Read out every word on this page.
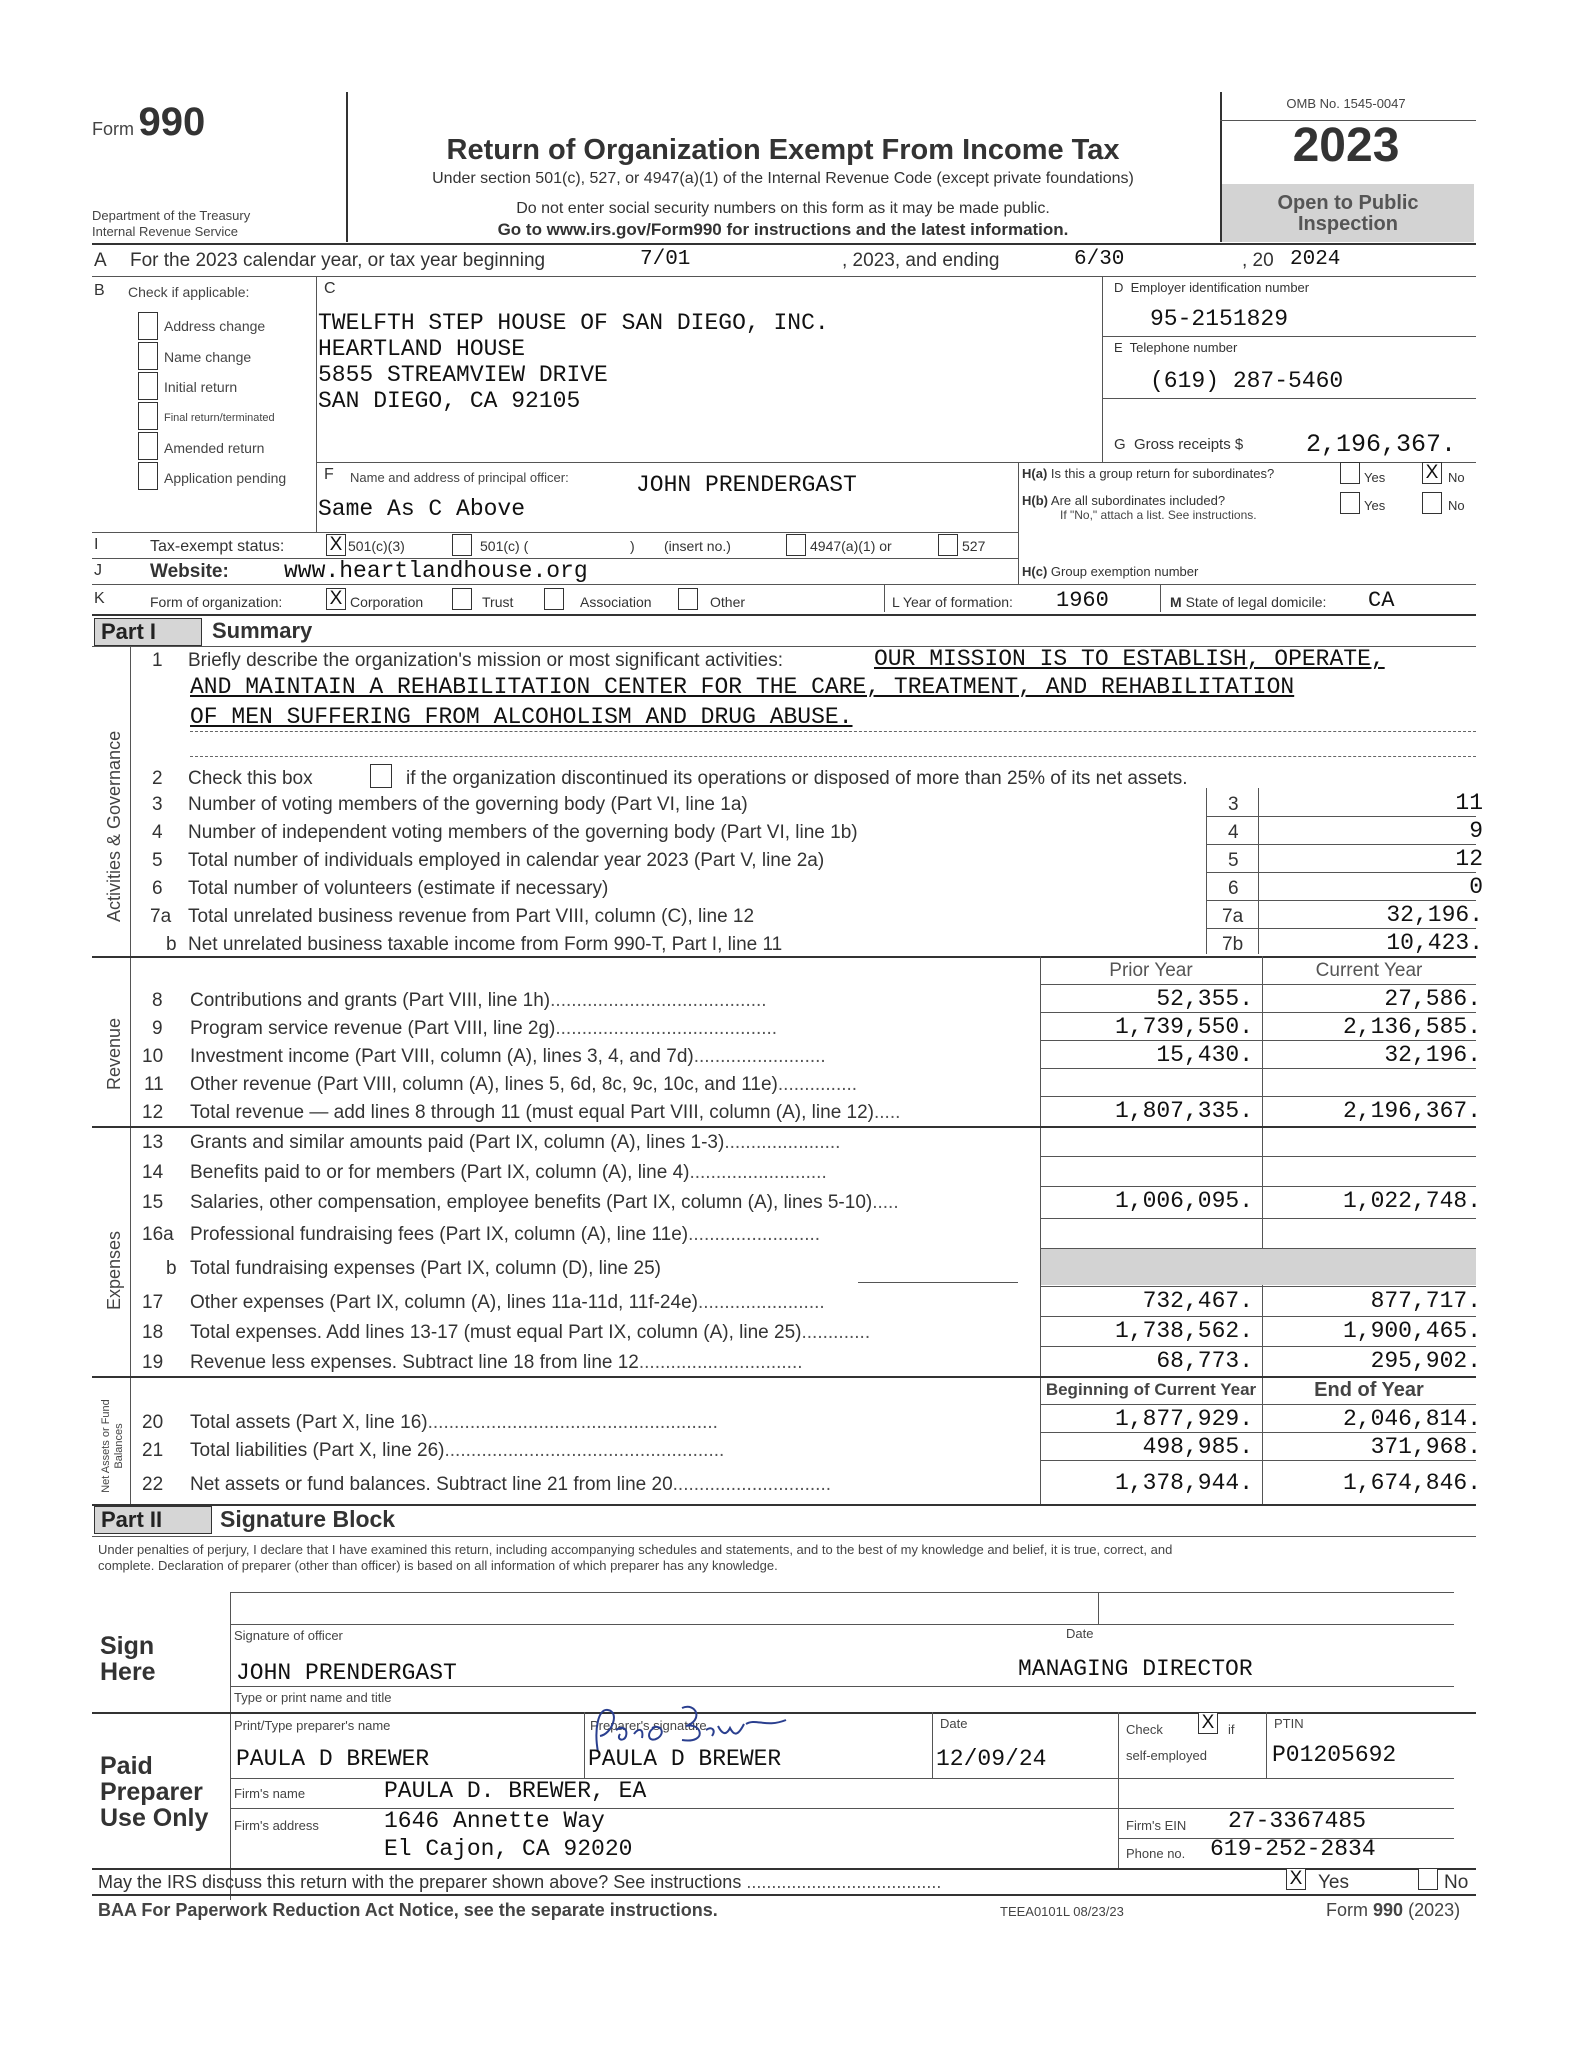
Form 990
Department of the Treasury
Internal Revenue Service
Return of Organization Exempt From Income Tax
Under section 501(c), 527, or 4947(a)(1) of the Internal Revenue Code (except private foundations)
Do not enter social security numbers on this form as it may be made public.
Go to www.irs.gov/Form990 for instructions and the latest information.
OMB No. 1545-0047
2023
Open to Public
Inspection
A For the 2023 calendar year, or tax year beginning	7/01	, 2023, and ending	6/30	, 20 2024
B Check if applicable:
Address change
Name change
Initial return
Final return/terminated
Amended return
Application pending
C
TWELFTH STEP HOUSE OF SAN DIEGO, INC.
HEARTLAND HOUSE
5855 STREAMVIEW DRIVE
SAN DIEGO, CA 92105
D Employer identification number
95-2151829
E Telephone number
(619) 287-5460
G Gross receipts $	2,196,367.
F Name and address of principal officer:	JOHN PRENDERGAST
Same As C Above
H(a) Is this a group return for subordinates?	Yes X No
H(b) Are all subordinates included?
If "No," attach a list. See instructions.
Yes	No
I	Tax-exempt status: X 501(c)(3)	501(c) (	) (insert no.)	4947(a)(1) or	527
J	Website: www.heartlandhouse.org	H(c) Group exemption number
K	Form of organization: X Corporation	Trust	Association	Other	L Year of formation: 1960	M State of legal domicile: CA
Part I	Summary
Activities & Governance
Revenue
Expenses
Net Assets or Fund Balances
1 Briefly describe the organization's mission or most significant activities:	OUR MISSION IS TO ESTABLISH, OPERATE,
AND MAINTAIN A REHABILITATION CENTER FOR THE CARE, TREATMENT, AND REHABILITATION
OF MEN SUFFERING FROM ALCOHOLISM AND DRUG ABUSE.
2 Check this box	if the organization discontinued its operations or disposed of more than 25% of its net assets.
3 Number of voting members of the governing body (Part VI, line 1a)	3	11
4 Number of independent voting members of the governing body (Part VI, line 1b)	4	9
5 Total number of individuals employed in calendar year 2023 (Part V, line 2a)	5	12
6 Total number of volunteers (estimate if necessary)	6	0
7a Total unrelated business revenue from Part VIII, column (C), line 12	7a	32,196.
b Net unrelated business taxable income from Form 990-T, Part I, line 11	7b	10,423.
Prior Year	Current Year
8 Contributions and grants (Part VIII, line 1h).........................................	52,355.	27,586.
9 Program service revenue (Part VIII, line 2g)..........................................	1,739,550.	2,136,585.
10 Investment income (Part VIII, column (A), lines 3, 4, and 7d).........................	15,430.	32,196.
11 Other revenue (Part VIII, column (A), lines 5, 6d, 8c, 9c, 10c, and 11e)...............
12 Total revenue — add lines 8 through 11 (must equal Part VIII, column (A), line 12).....	1,807,335.	2,196,367.
13 Grants and similar amounts paid (Part IX, column (A), lines 1-3)......................
14 Benefits paid to or for members (Part IX, column (A), line 4)..........................
15 Salaries, other compensation, employee benefits (Part IX, column (A), lines 5-10).....	1,006,095.	1,022,748.
16a Professional fundraising fees (Part IX, column (A), line 11e).........................
b Total fundraising expenses (Part IX, column (D), line 25)
17 Other expenses (Part IX, column (A), lines 11a-11d, 11f-24e)........................	732,467.	877,717.
18 Total expenses. Add lines 13-17 (must equal Part IX, column (A), line 25).............	1,738,562.	1,900,465.
19 Revenue less expenses. Subtract line 18 from line 12...............................	68,773.	295,902.
Beginning of Current Year	End of Year
20 Total assets (Part X, line 16).......................................................	1,877,929.	2,046,814.
21 Total liabilities (Part X, line 26).....................................................	498,985.	371,968.
22 Net assets or fund balances. Subtract line 21 from line 20..............................	1,378,944.	1,674,846.
Part II	Signature Block
Under penalties of perjury, I declare that I have examined this return, including accompanying schedules and statements, and to the best of my knowledge and belief, it is true, correct, and
complete. Declaration of preparer (other than officer) is based on all information of which preparer has any knowledge.
Sign
Here
Signature of officer	Date
JOHN PRENDERGAST	MANAGING DIRECTOR
Type or print name and title
Paid
Preparer
Use Only
Print/Type preparer's name	Preparer's signature	Date	Check X if
self-employed
PTIN
PAULA D BREWER	PAULA D BREWER	12/09/24	P01205692
Firm's name	PAULA D. BREWER, EA
Firm's address	1646 Annette Way
El Cajon, CA 92020
Firm's EIN 27-3367485
Phone no. 619-252-2834
May the IRS discuss this return with the preparer shown above? See instructions .......................................	X Yes	No
BAA For Paperwork Reduction Act Notice, see the separate instructions.	TEEA0101L 08/23/23	Form 990 (2023)
